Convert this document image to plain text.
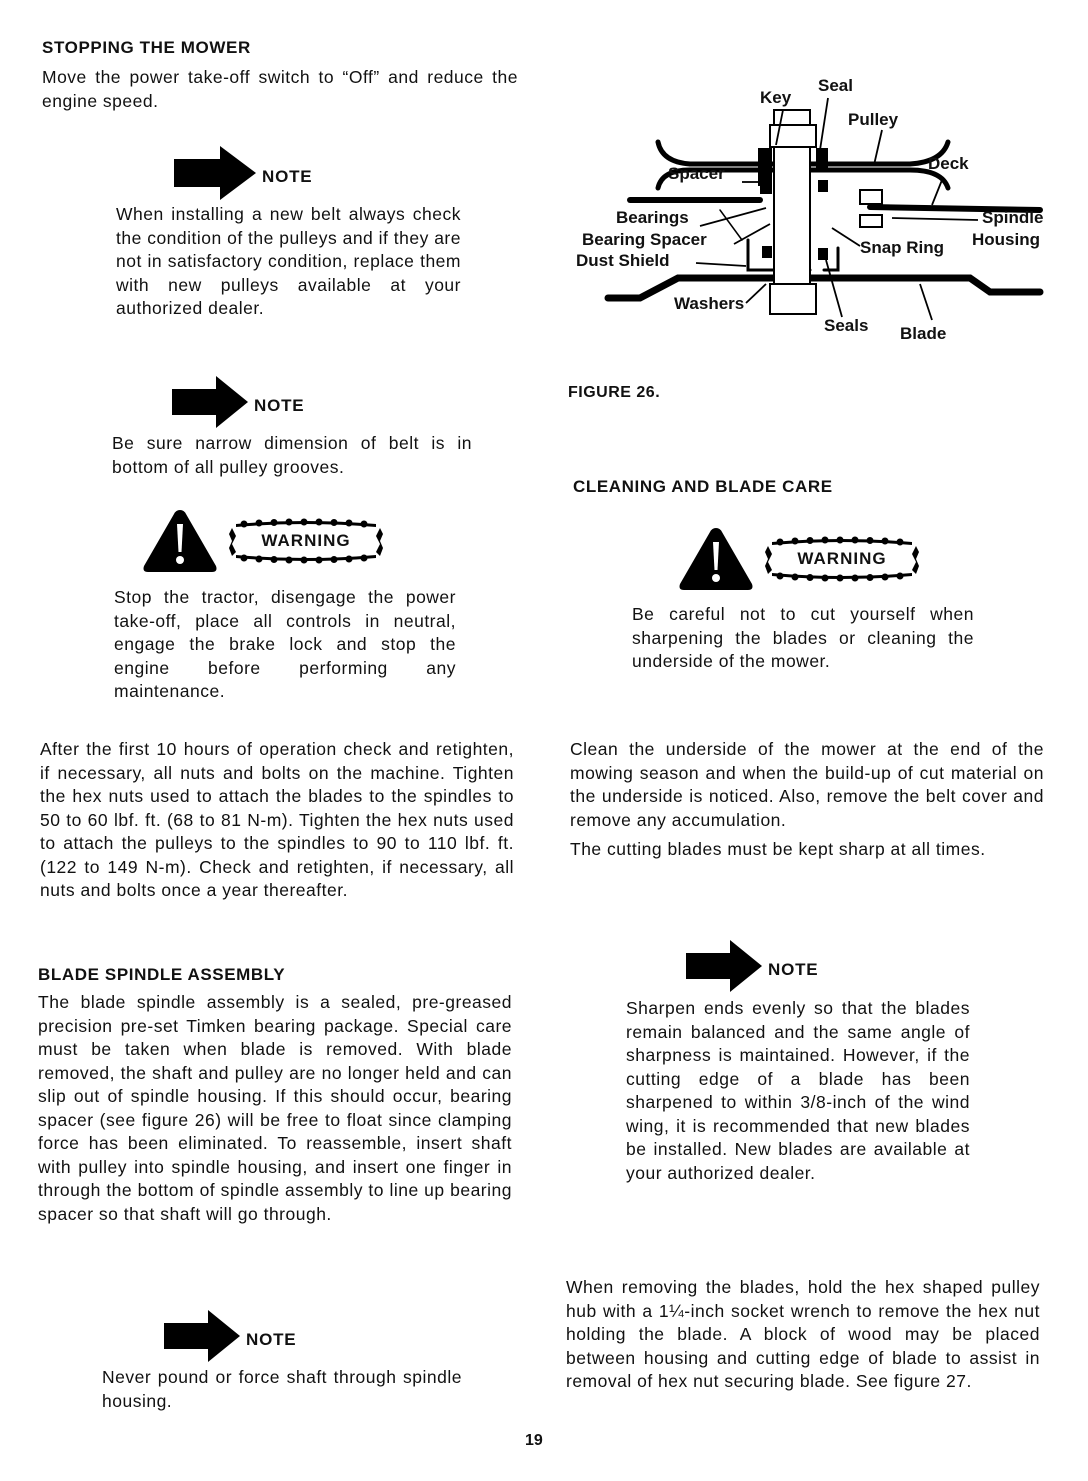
STOPPING THE MOWER
Move the power take-off switch to “Off” and reduce the engine speed.
NOTE
When installing a new belt always check the condition of the pulleys and if they are not in satisfactory condition, replace them with new pulleys available at your authorized dealer.
NOTE
Be sure narrow dimension of belt is in bottom of all pulley grooves.
WARNING
Stop the tractor, disengage the power take-off, place all controls in neutral, engage the brake lock and stop the engine before performing any maintenance.
After the first 10 hours of operation check and retighten, if necessary, all nuts and bolts on the machine. Tighten the hex nuts used to attach the blades to the spindles to 50 to 60 lbf. ft. (68 to 81 N-m). Tighten the hex nuts used to attach the pulleys to the spindles to 90 to 110 lbf. ft. (122 to 149 N-m). Check and retighten, if necessary, all nuts and bolts once a year thereafter.
BLADE SPINDLE ASSEMBLY
The blade spindle assembly is a sealed, pre-greased precision pre-set Timken bearing package. Special care must be taken when blade is removed. With blade removed, the shaft and pulley are no longer held and can slip out of spindle housing. If this should occur, bearing spacer (see figure 26) will be free to float since clamping force has been eliminated. To reassemble, insert shaft with pulley into spindle housing, and insert one finger in through the bottom of spindle assembly to line up bearing spacer so that shaft will go through.
NOTE
Never pound or force shaft through spindle housing.
Key
Seal
Pulley
Deck
Spacer
Bearings
Bearing Spacer
Dust Shield
Washers
Seals Blade
Snap Ring
Spindle
Housing
FIGURE 26.
CLEANING AND BLADE CARE
WARNING
Be careful not to cut yourself when sharpening the blades or cleaning the underside of the mower.

Clean the underside of the mower at the end of the mowing season and when the build-up of cut material on the underside is noticed. Also, remove the belt cover and remove any accumulation.

The cutting blades must be kept sharp at all times.

NOTE
Sharpen ends evenly so that the blades remain balanced and the same angle of sharpness is maintained. However, if the cutting edge of a blade has been sharpened to within 3/8-inch of the wind wing, it is recommended that new blades be installed. New blades are available at your authorized dealer.
When removing the blades, hold the hex shaped pulley hub with a 1¼-inch socket wrench to remove the hex nut holding the blade. A block of wood may be placed between housing and cutting edge of blade to assist in removal of hex nut securing blade. See figure 27.
19
